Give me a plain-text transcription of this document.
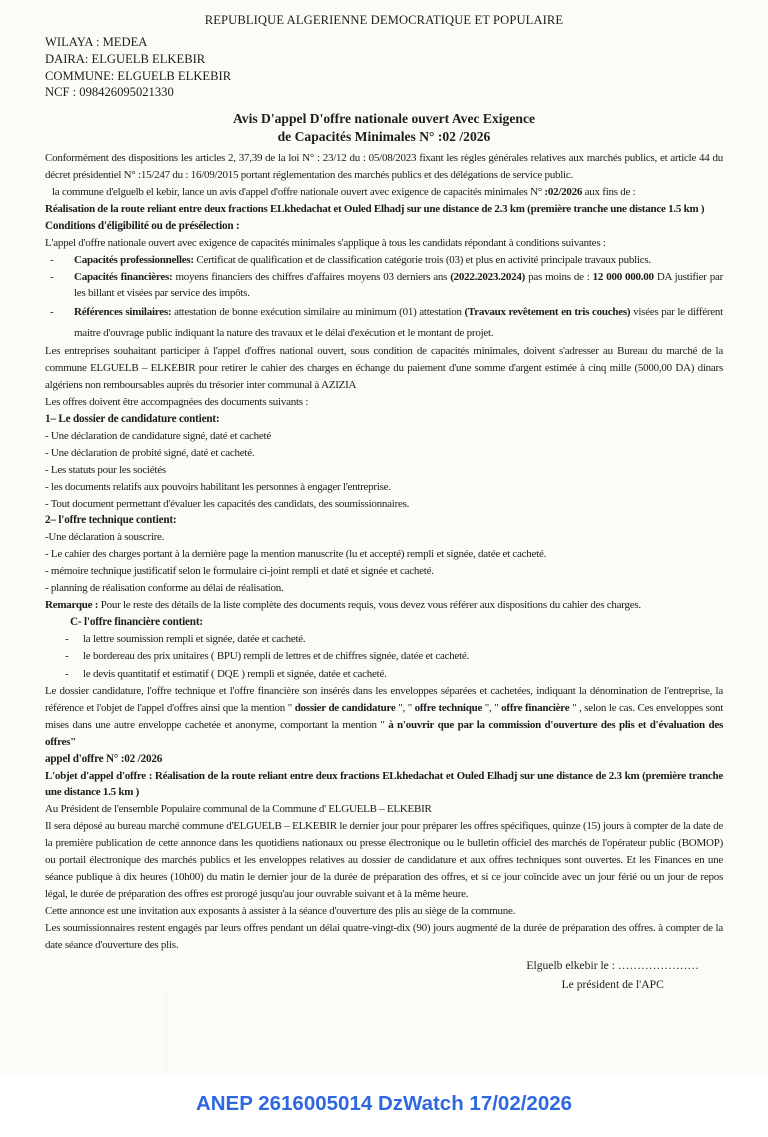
REPUBLIQUE ALGERIENNE DEMOCRATIQUE ET POPULAIRE
WILAYA : MEDEA
DAIRA: ELGUELB ELKEBIR
COMMUNE: ELGUELB ELKEBIR
NCF : 098426095021330
Avis D'appel D'offre nationale ouvert Avec Exigence
de Capacités Minimales N° :02 /2026

Conformément des dispositions les articles 2, 37,39 de la loi N° : 23/12 du : 05/08/2023 fixant les règles générales relatives aux marchés publics, et article 44 du décret présidentiel N° :15/247 du : 16/09/2015 portant réglementation des marchés publics et des délégations de service public.

la commune d'elguelb el kebir, lance un avis d'appel d'offre nationale ouvert avec exigence de capacités minimales N° :02/2026 aux fins de :

Réalisation de la route reliant entre deux fractions ELkhedachat et Ouled Elhadj sur une distance de 2.3 km (première tranche une distance 1.5 km )

Conditions d'éligibilité ou de présélection :

L'appel d'offre nationale ouvert avec exigence de capacités minimales s'applique à tous les candidats répondant à conditions suivantes :

-	Capacités professionnelles: Certificat de qualification et de classification catégorie trois (03) et plus en activité principale travaux publics.
-	Capacités financières: moyens financiers des chiffres d'affaires moyens 03 derniers ans (2022.2023.2024) pas moins de : 12 000 000.00 DA justifier par les billant et visées par service des impôts.
-	Références similaires: attestation de bonne exécution similaire au minimum (01) attestation (Travaux revêtement en tris couches) visées par le différent maitre d'ouvrage public indiquant la nature des travaux et le délai d'exécution et le montant de projet.

Les entreprises souhaitant participer à l'appel d'offres national ouvert, sous condition de capacités minimales, doivent s'adresser au Bureau du marché de la commune ELGUELB – ELKEBIR pour retirer le cahier des charges en échange du paiement d'une somme d'argent estimée à cinq mille (5000,00 DA) dinars algériens non remboursables auprès du trésorier inter communal à AZIZIA

Les offres doivent être accompagnées des documents suivants :

1– Le dossier de candidature contient:

- Une déclaration de candidature signé, daté et cacheté

- Une déclaration de probité signé, daté et cacheté.

- Les statuts pour les sociétés

- les documents relatifs aux pouvoirs habilitant les personnes à engager l'entreprise.

- Tout document permettant d'évaluer les capacités des candidats, des soumissionnaires.

2– l'offre technique contient:

-Une déclaration à souscrire.

- Le cahier des charges portant à la dernière page la mention manuscrite (lu et accepté) rempli et signée, datée et cacheté.

- mémoire technique justificatif selon le formulaire ci-joint rempli et daté et signée et cacheté.

- planning de réalisation conforme au délai de réalisation.

Remarque : Pour le reste des détails de la liste complète des documents requis, vous devez vous référer aux dispositions du cahier des charges.

C- l'offre financière contient:

-	la lettre soumission rempli et signée, datée et cacheté.
-	le bordereau des prix unitaires ( BPU) rempli de lettres et de chiffres signée, datée et cacheté.
-	le devis quantitatif et estimatif ( DQE ) rempli et signée, datée et cacheté.

Le dossier candidature, l'offre technique et l'offre financière son insérés dans les enveloppes séparées et cachetées, indiquant la dénomination de l'entreprise, la référence et l'objet de l'appel d'offres ainsi que la mention " dossier de candidature ", " offre technique ", " offre financière " , selon le cas. Ces enveloppes sont mises dans une autre enveloppe cachetée et anonyme, comportant la mention " à n'ouvrir que par la commission d'ouverture des plis et d'évaluation des offres"

appel d'offre N° :02 /2026

L'objet d'appel d'offre : Réalisation de la route reliant entre deux fractions ELkhedachat et Ouled Elhadj sur une distance de 2.3 km (première tranche une distance 1.5 km )

Au Président de l'ensemble Populaire communal de la Commune d' ELGUELB – ELKEBIR

Il sera déposé au bureau marché commune d'ELGUELB – ELKEBIR le dernier jour pour préparer les offres spécifiques, quinze (15) jours à compter de la date de la première publication de cette annonce dans les quotidiens nationaux ou presse électronique ou le bulletin officiel des marchés de l'opérateur public (BOMOP) ou portail électronique des marchés publics et les enveloppes relatives au dossier de candidature et aux offres techniques sont ouvertes. Et les Finances en une séance publique à dix heures (10h00) du matin le dernier jour de la durée de préparation des offres, et si ce jour coïncide avec un jour férié ou un jour de repos légal, le durée de préparation des offres est prorogé jusqu'au jour ouvrable suivant et à la même heure.

Cette annonce est une invitation aux exposants à assister à la séance d'ouverture des plis au siège de la commune.

Les soumissionnaires restent engagés par leurs offres pendant un délai quatre-vingt-dix (90) jours augmenté de la durée de préparation des offres. à compter de la date séance d'ouverture des plis.

Elguelb elkebir le : …………………
Le président de l'APC
ANEP 2616005014 DzWatch 17/02/2026
